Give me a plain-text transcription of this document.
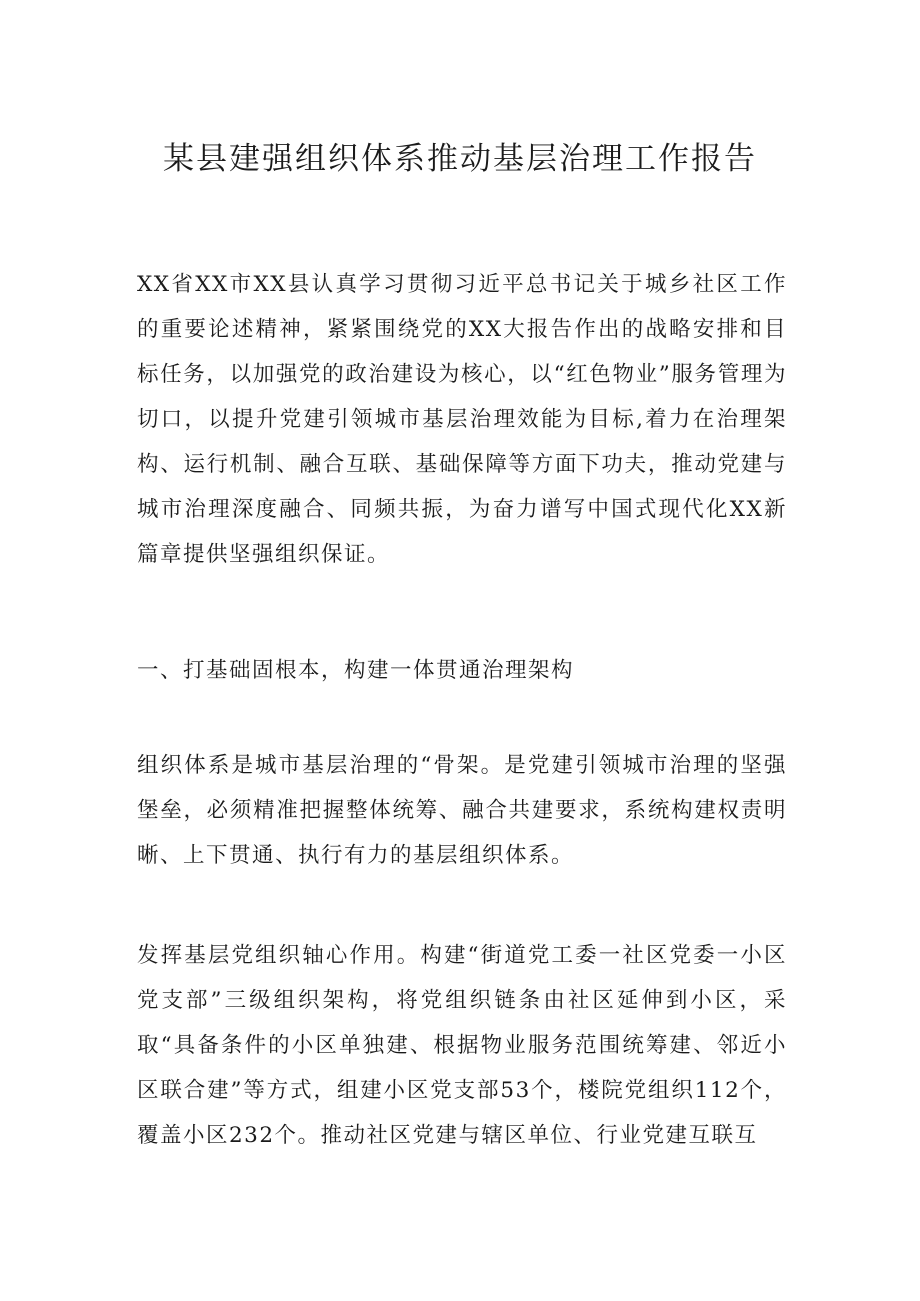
某县建强组织体系推动基层治理工作报告

XX省XX市XX县认真学习贯彻习近平总书记关于城乡社区工作的重要论述精神，紧紧围绕党的XX大报告作出的战略安排和目标任务，以加强党的政治建设为核心，以“红色物业”服务管理为切口，以提升党建引领城市基层治理效能为目标,着力在治理架构、运行机制、融合互联、基础保障等方面下功夫，推动党建与城市治理深度融合、同频共振，为奋力谱写中国式现代化XX新篇章提供坚强组织保证。

一、打基础固根本，构建一体贯通治理架构

组织体系是城市基层治理的“骨架。是党建引领城市治理的坚强堡垒，必须精准把握整体统筹、融合共建要求，系统构建权责明晰、上下贯通、执行有力的基层组织体系。

发挥基层党组织轴心作用。构建“街道党工委一社区党委一小区党支部”三级组织架构，将党组织链条由社区延伸到小区，采取“具备条件的小区单独建、根据物业服务范围统筹建、邻近小区联合建”等方式，组建小区党支部53个，楼院党组织112个，覆盖小区232个。推动社区党建与辖区单位、行业党建互联互
